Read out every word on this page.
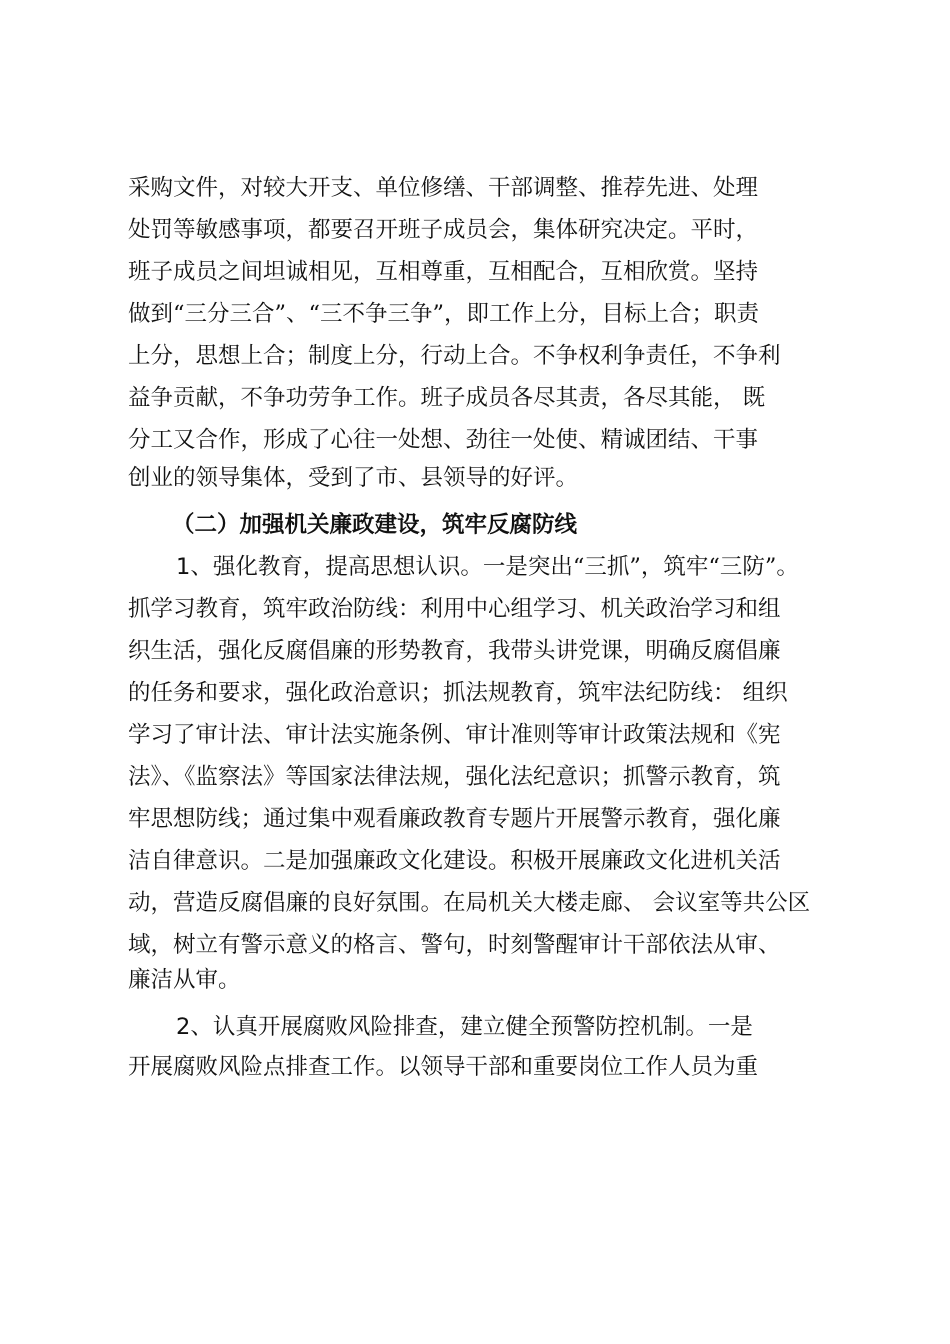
采购文件，对较大开支、单位修缮、干部调整、推荐先进、处理
处罚等敏感事项，都要召开班子成员会，集体研究决定。平时，
班子成员之间坦诚相见，互相尊重，互相配合，互相欣赏。坚持
做到“三分三合”、“三不争三争”，即工作上分，目标上合；职责
上分，思想上合；制度上分，行动上合。不争权利争责任，不争利
益争贡献，不争功劳争工作。班子成员各尽其责，各尽其能， 既
分工又合作，形成了心往一处想、劲往一处使、精诚团结、干事
创业的领导集体，受到了市、县领导的好评。
（二）加强机关廉政建设，筑牢反腐防线
1、强化教育，提高思想认识。一是突出“三抓”，筑牢“三防”。
抓学习教育，筑牢政治防线：利用中心组学习、机关政治学习和组
织生活，强化反腐倡廉的形势教育，我带头讲党课，明确反腐倡廉
的任务和要求，强化政治意识；抓法规教育，筑牢法纪防线： 组织
学习了审计法、审计法实施条例、审计准则等审计政策法规和《宪
法》、《监察法》等国家法律法规，强化法纪意识；抓警示教育，筑
牢思想防线；通过集中观看廉政教育专题片开展警示教育，强化廉
洁自律意识。二是加强廉政文化建设。积极开展廉政文化进机关活
动，营造反腐倡廉的良好氛围。在局机关大楼走廊、 会议室等共公区
域，树立有警示意义的格言、警句，时刻警醒审计干部依法从审、
廉洁从审。
2、认真开展腐败风险排查，建立健全预警防控机制。一是
开展腐败风险点排查工作。以领导干部和重要岗位工作人员为重
